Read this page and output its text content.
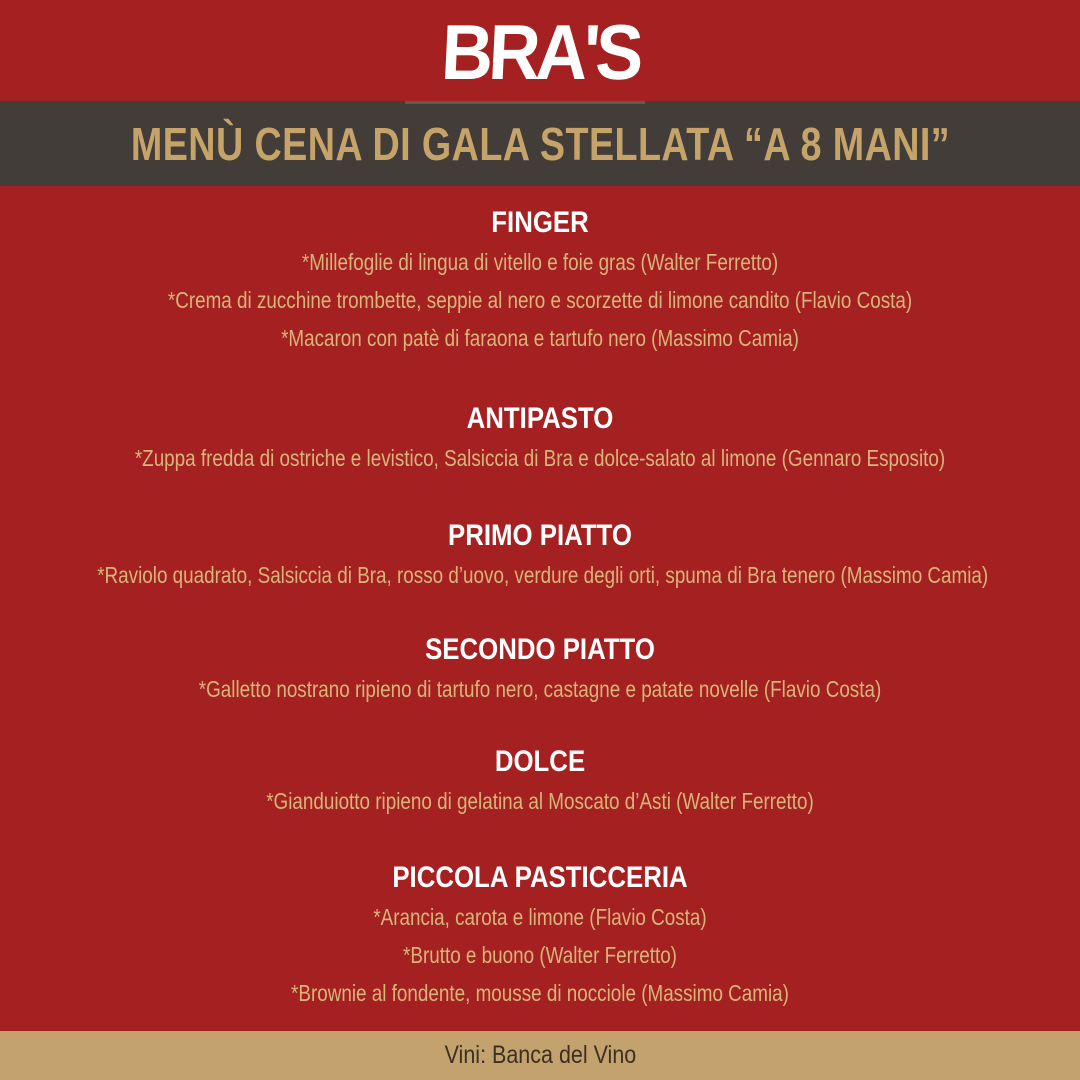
BRA'S
MENÙ CENA DI GALA STELLATA “A 8 MANI”
FINGER
*Millefoglie di lingua di vitello e foie gras (Walter Ferretto)
*Crema di zucchine trombette, seppie al nero e scorzette di limone candito (Flavio Costa)
*Macaron con patè di faraona e tartufo nero (Massimo Camia)
ANTIPASTO
*Zuppa fredda di ostriche e levistico, Salsiccia di Bra e dolce-salato al limone (Gennaro Esposito)
PRIMO PIATTO
*Raviolo quadrato, Salsiccia di Bra, rosso d’uovo, verdure degli orti, spuma di Bra tenero (Massimo Camia)
SECONDO PIATTO
*Galletto nostrano ripieno di tartufo nero, castagne e patate novelle (Flavio Costa)
DOLCE
*Gianduiotto ripieno di gelatina al Moscato d’Asti (Walter Ferretto)
PICCOLA PASTICCERIA
*Arancia, carota e limone (Flavio Costa)
*Brutto e buono (Walter Ferretto)
*Brownie al fondente, mousse di nocciole (Massimo Camia)
Vini: Banca del Vino
